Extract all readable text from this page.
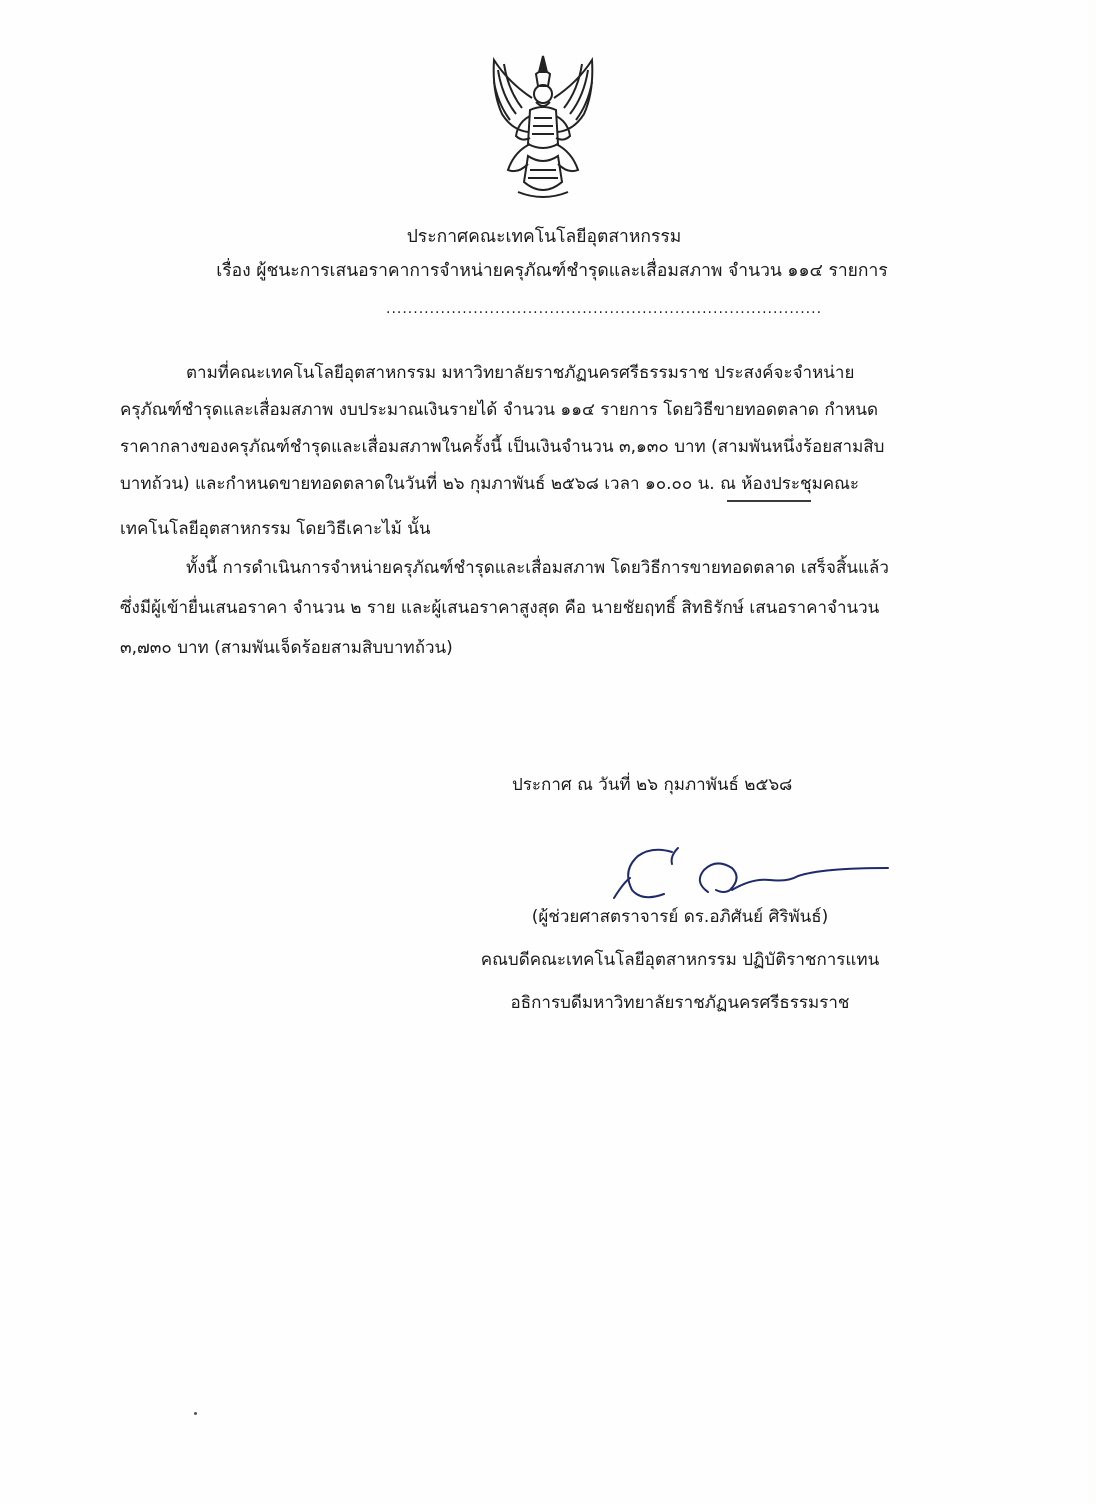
ประกาศคณะเทคโนโลยีอุตสาหกรรม
เรื่อง ผู้ชนะการเสนอราคาการจำหน่ายครุภัณฑ์ชำรุดและเสื่อมสภาพ จำนวน ๑๑๔ รายการ
................................................................................
ตามที่คณะเทคโนโลยีอุตสาหกรรม มหาวิทยาลัยราชภัฏนครศรีธรรมราช ประสงค์จะจำหน่าย
ครุภัณฑ์ชำรุดและเสื่อมสภาพ งบประมาณเงินรายได้ จำนวน ๑๑๔ รายการ โดยวิธีขายทอดตลาด กำหนด
ราคากลางของครุภัณฑ์ชำรุดและเสื่อมสภาพในครั้งนี้ เป็นเงินจำนวน ๓,๑๓๐ บาท (สามพันหนึ่งร้อยสามสิบ
บาทถ้วน) และกำหนดขายทอดตลาดในวันที่ ๒๖ กุมภาพันธ์ ๒๕๖๘ เวลา ๑๐.๐๐ น. ณ ห้องประชุมคณะ
เทคโนโลยีอุตสาหกรรม โดยวิธีเคาะไม้ นั้น
ทั้งนี้ การดำเนินการจำหน่ายครุภัณฑ์ชำรุดและเสื่อมสภาพ โดยวิธีการขายทอดตลาด เสร็จสิ้นแล้ว
ซึ่งมีผู้เข้ายื่นเสนอราคา จำนวน ๒ ราย และผู้เสนอราคาสูงสุด คือ นายชัยฤทธิ์ สิทธิรักษ์ เสนอราคาจำนวน
๓,๗๓๐ บาท (สามพันเจ็ดร้อยสามสิบบาทถ้วน)
ประกาศ ณ วันที่ ๒๖ กุมภาพันธ์ ๒๕๖๘
(ผู้ช่วยศาสตราจารย์ ดร.อภิศันย์ ศิริพันธ์)
คณบดีคณะเทคโนโลยีอุตสาหกรรม ปฏิบัติราชการแทน
อธิการบดีมหาวิทยาลัยราชภัฏนครศรีธรรมราช
